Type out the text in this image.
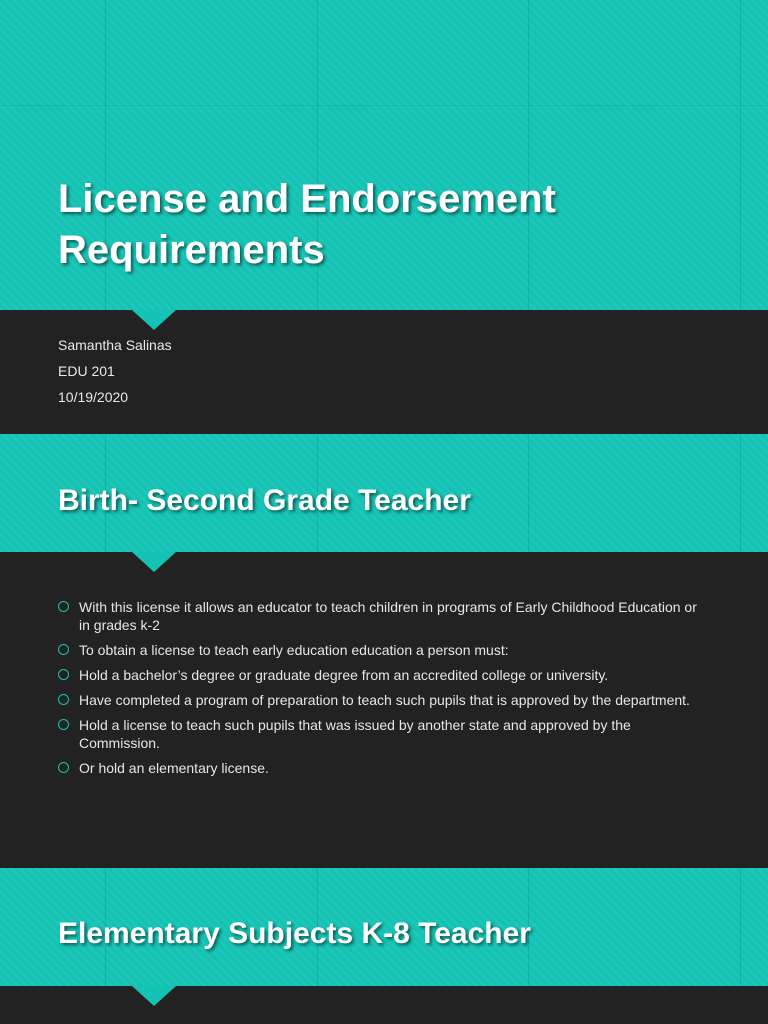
License and Endorsement Requirements

Samantha Salinas

EDU 201

10/19/2020

Birth- Second Grade Teacher
With this license it allows an educator to teach children in programs of Early Childhood Education or in grades k-2
To obtain a license to teach early education education a person must:
Hold a bachelor’s degree or graduate degree from an accredited college or university.
Have completed a program of preparation to teach such pupils that is approved by the department.
Hold a license to teach such pupils that was issued by another state and approved by the Commission.
Or hold an elementary license.
Elementary Subjects K-8 Teacher
